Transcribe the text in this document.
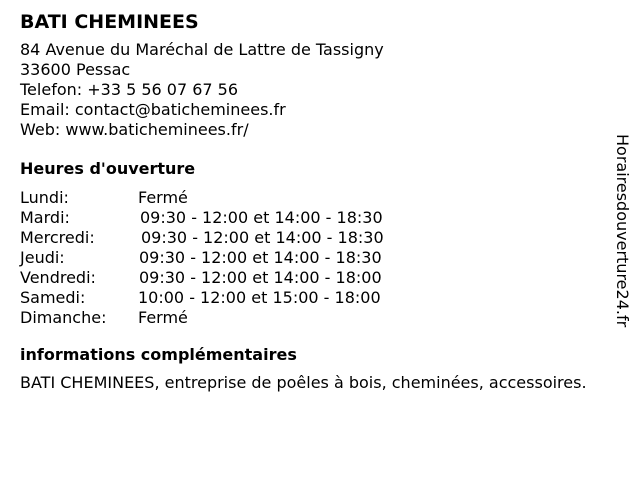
BATI CHEMINEES
84 Avenue du Maréchal de Lattre de Tassigny
33600 Pessac
Telefon: +33 5 56 07 67 56
Email: contact@baticheminees.fr
Web: www.baticheminees.fr/
Heures d'ouverture
Lundi:	Fermé
Mardi:	09:30 - 12:00 et 14:00 - 18:30
Mercredi:	09:30 - 12:00 et 14:00 - 18:30
Jeudi:	09:30 - 12:00 et 14:00 - 18:30
Vendredi:	09:30 - 12:00 et 14:00 - 18:00
Samedi:	10:00 - 12:00 et 15:00 - 18:00
Dimanche: Fermé
informations complémentaires
BATI CHEMINEES, entreprise de poêles à bois, cheminées, accessoires.
Horairesdouverture24.fr
